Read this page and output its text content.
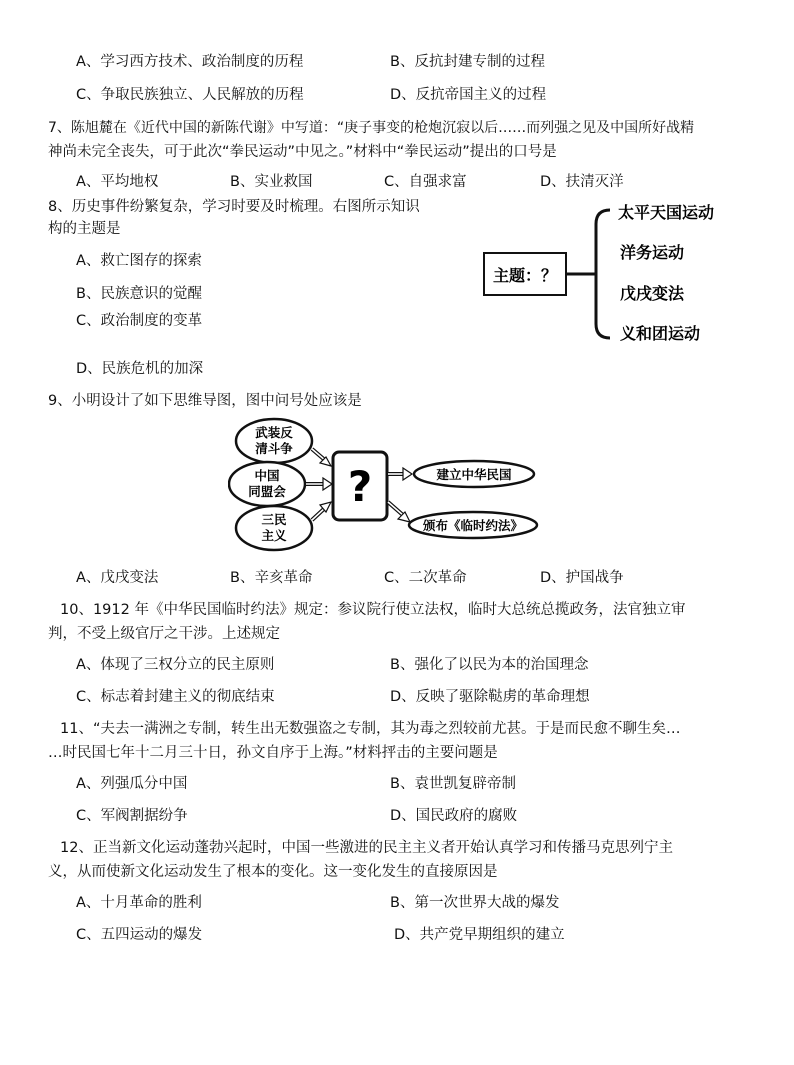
A、学习西方技术、政治制度的历程	B、反抗封建专制的过程
C、争取民族独立、人民解放的历程	D、反抗帝国主义的过程
7、陈旭麓在《近代中国的新陈代谢》中写道：“庚子事变的枪炮沉寂以后……而列强之见及中国所好战精
神尚未完全丧失，可于此次“拳民运动”中见之。”材料中“拳民运动”提出的口号是
A、平均地权	B、实业救国	C、自强求富	D、扶清灭洋
8、历史事件纷繁复杂，学习时要及时梳理。右图所示知识
构的主题是
A、救亡图存的探索
B、民族意识的觉醒
C、政治制度的变革
D、民族危机的加深
主题：？
太平天国运动
洋务运动
戊戌变法
义和团运动
9、小明设计了如下思维导图，图中问号处应该是
武装反
清斗争
中国
同盟会
三民
主义
?	建立中华民国
颁布《临时约法》
A、戊戌变法	B、辛亥革命	C、二次革命	D、护国战争
10、1912 年《中华民国临时约法》规定：参议院行使立法权，临时大总统总揽政务，法官独立审
判，不受上级官厅之干涉。上述规定
A、体现了三权分立的民主原则	B、强化了以民为本的治国理念
C、标志着封建主义的彻底结束	D、反映了驱除鞑虏的革命理想
11、“夫去一满洲之专制，转生出无数强盗之专制，其为毒之烈较前尤甚。于是而民愈不聊生矣…
…时民国七年十二月三十日，孙文自序于上海。”材料抨击的主要问题是
A、列强瓜分中国	B、袁世凯复辟帝制
C、军阀割据纷争	D、国民政府的腐败
12、正当新文化运动蓬勃兴起时，中国一些激进的民主主义者开始认真学习和传播马克思列宁主
义，从而使新文化运动发生了根本的变化。这一变化发生的直接原因是
A、十月革命的胜利	B、第一次世界大战的爆发
C、五四运动的爆发	D、共产党早期组织的建立
